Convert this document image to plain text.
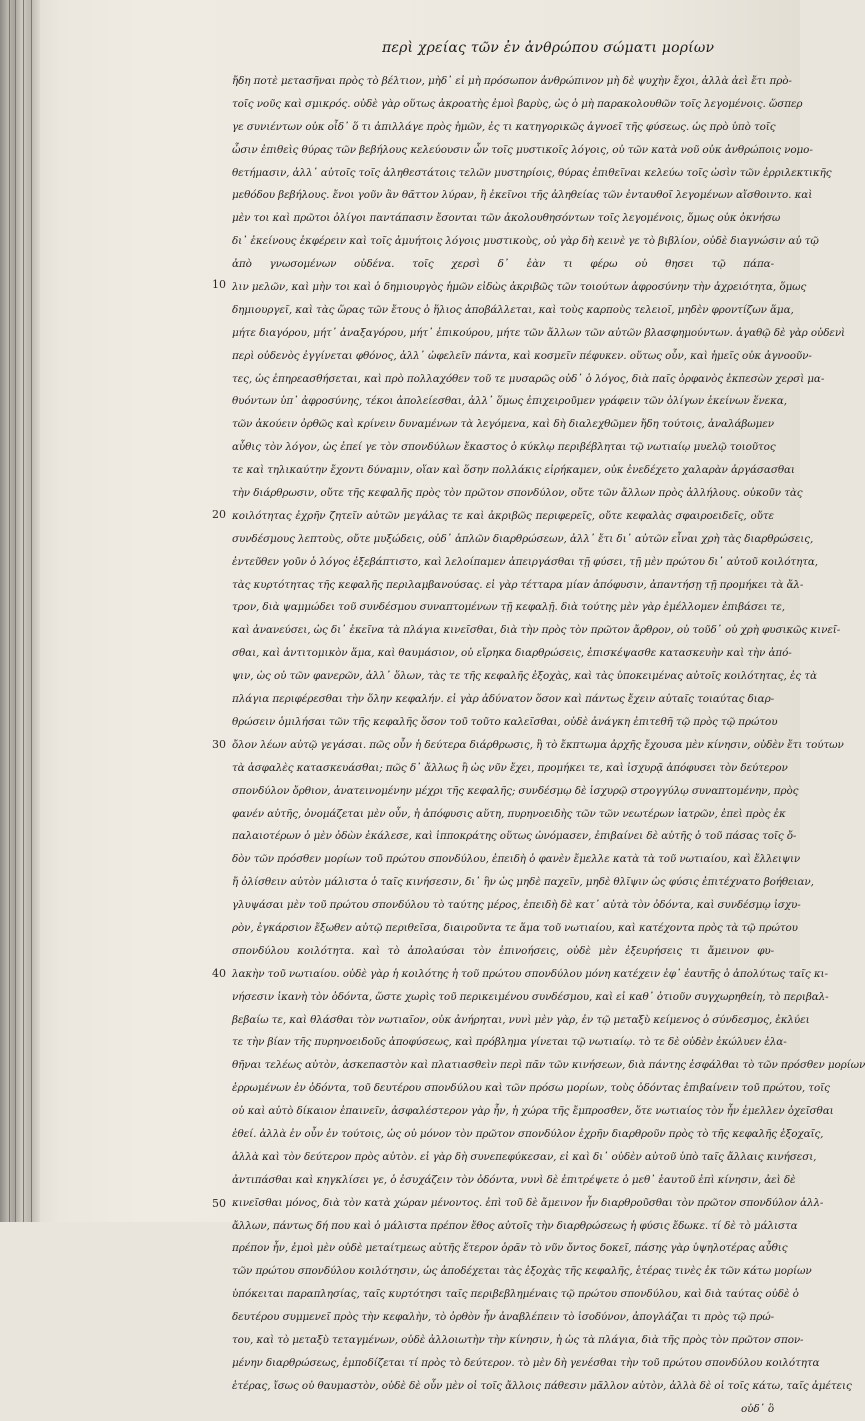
περὶ χρείας τῶν ἐν ἀνθρώπου σώματι μορίων
ἤδη ποτὲ μετασῆναι πρὸς τὸ βέλτιον, μὴδ᾽ εἰ μὴ πρόσωπον ἀνθρώπινον μὴ δὲ ψυχὴν ἔχοι, ἀλλὰ ἀεὶ ἔτι πρὸ-
τοῖς νοῦς καὶ σμικρός. οὐδὲ γὰρ οὕτως ἀκροατὴς ἐμοὶ βαρὺς, ὡς ὁ μὴ παρακολουθῶν τοῖς λεγομένοις. ὥσπερ
γε συνιέντων οὐκ οἶδ᾽ ὅ τι ἀπιλλάγε πρὸς ἡμῶν, ἐς τι κατηγορικῶς ἀγνοεῖ τῆς φύσεως. ὡς πρὸ ὑπὸ τοῖς
ὦσιν ἐπιθεὶς θύρας τῶν βεβήλους κελεύουσιν ὧν τοῖς μυστικοῖς λόγοις, οὐ τῶν κατὰ νοῦ οὐκ ἀνθρώποις νομο-
θετήμασιν, ἀλλ᾽ αὐτοῖς τοῖς ἀληθεστάτοις τελῶν μυστηρίοις, θύρας ἐπιθεῖναι κελεύω τοῖς ὠσὶν τῶν ἐρριλεκτικῆς
μεθόδου βεβήλους. ἔνοι γοῦν ἂν θᾶττον λύραν, ἢ ἐκεῖνοι τῆς ἀληθείας τῶν ἐνταυθοῖ λεγομένων αἴσθοιντο. καὶ
μὲν τοι καὶ πρῶτοι ὀλίγοι παντάπασιν ἔσονται τῶν ἀκολουθησόντων τοῖς λεγομένοις, ὅμως οὐκ ὀκνήσω
δι᾽ ἐκείνους ἐκφέρειν καὶ τοῖς ἀμυήτοις λόγοις μυστικοὺς, οὐ γὰρ δὴ κεινὲ γε τὸ βιβλίον, οὐδὲ διαγνώσιν αὐ τῷ
ἀπὸ γνωσομένων οὐδένα. τοῖς χερσὶ δ᾽ ἐὰν τι φέρω οὐ θησει τῷ πάπα-
λιν μελῶν, καὶ μὴν τοι καὶ ὁ δημιουργὸς ἡμῶν εἰδὼς ἀκριβῶς τῶν τοιούτων ἀφροσύνην τὴν ἀχρειότητα, ὅμως
δημιουργεῖ, καὶ τὰς ὥρας τῶν ἔτους ὁ ἥλιος ἀποβάλλεται, καὶ τοὺς καρποὺς τελειοῖ, μηδὲν φροντίζων ἅμα,
μήτε διαγόρου, μήτ᾽ ἀναξαγόρου, μήτ᾽ ἐπικούρου, μήτε τῶν ἄλλων τῶν αὐτῶν βλασφημούντων. ἀγαθῷ δὲ γὰρ οὐδενὶ
περὶ οὐδενὸς ἐγγίνεται φθόνος, ἀλλ᾽ ὠφελεῖν πάντα, καὶ κοσμεῖν πέφυκεν. οὕτως οὖν, καὶ ἡμεῖς οὐκ ἀγνοοῦν-
τες, ὡς ἐπηρεασθήσεται, καὶ πρὸ πολλαχόθεν τοῦ τε μυσαρῶς οὐδ᾽ ὁ λόγος, διὰ παῖς ὀρφανὸς ἐκπεσὼν χερσὶ μα-
θυόντων ὑπ᾽ ἀφροσύνης, τέκοι ἀπολείεσθαι, ἀλλ᾽ ὅμως ἐπιχειροῦμεν γράφειν τῶν ὀλίγων ἐκείνων ἕνεκα,
τῶν ἀκούειν ὀρθῶς καὶ κρίνειν δυναμένων τὰ λεγόμενα, καὶ δὴ διαλεχθῶμεν ἤδη τούτοις, ἀναλάβωμεν
αὖθις τὸν λόγον, ὡς ἐπεί γε τὸν σπονδύλων ἔκαστος ὁ κύκλῳ περιβέβληται τῷ νωτιαίῳ μυελῷ τοιοῦτος
τε καὶ τηλικαύτην ἔχοντι δύναμιν, οἵαν καὶ ὅσην πολλάκις εἰρήκαμεν, οὐκ ἐνεδέχετο χαλαρὰν ἀργάσασθαι
τὴν διάρθρωσιν, οὔτε τῆς κεφαλῆς πρὸς τὸν πρῶτον σπονδύλον, οὔτε τῶν ἄλλων πρὸς ἀλλήλους. οὐκοῦν τὰς
κοιλότητας ἐχρῆν ζητεῖν αὐτῶν μεγάλας τε καὶ ἀκριβῶς περιφερεῖς, οὔτε κεφαλὰς σφαιροειδεῖς, οὔτε
συνδέσμους λεπτοὺς, οὔτε μυξώδεις, οὐδ᾽ ἁπλῶν διαρθρώσεων, ἀλλ᾽ ἔτι δι᾽ αὐτῶν εἶναι χρὴ τὰς διαρθρώσεις,
ἐντεῦθεν γοῦν ὁ λόγος ἐξεβάπτιστο, καὶ λελοίπαμεν ἀπειργάσθαι τῇ φύσει, τῇ μὲν πρώτου δι᾽ αὐτοῦ κοιλότητα,
τὰς κυρτότητας τῆς κεφαλῆς περιλαμβανούσας. εἰ γὰρ τέτταρα μίαν ἀπόφυσιν, ἀπαντήσῃ τῇ προμήκει τὰ ἄλ-
τρον, διὰ ψαμμώδει τοῦ συνδέσμου συναπτομένων τῇ κεφαλῇ. διὰ τούτης μὲν γὰρ ἐμέλλομεν ἐπιβάσει τε,
καὶ ἀνανεύσει, ὡς δι᾽ ἐκεῖνα τὰ πλάγια κινεῖσθαι, διὰ τὴν πρὸς τὸν πρῶτον ἄρθρον, οὐ τοῦδ᾽ οὐ χρὴ φυσικῶς κινεῖ-
σθαι, καὶ ἀντιτομικὸν ἅμα, καὶ θαυμάσιον, οὐ εἴρηκα διαρθρώσεις, ἐπισκέψασθε κατασκευὴν καὶ τὴν ἀπό-
ψιν, ὡς οὐ τῶν φανερῶν, ἀλλ᾽ ὅλων, τὰς τε τῆς κεφαλῆς ἐξοχὰς, καὶ τὰς ὑποκειμένας αὐτοῖς κοιλότητας, ἐς τὰ
πλάγια περιφέρεσθαι τὴν ὅλην κεφαλήν. εἰ γὰρ ἀδύνατον ὅσον καὶ πάντως ἔχειν αὐταῖς τοιαύτας διαρ-
θρώσειν ὁμιλήσαι τῶν τῆς κεφαλῆς ὅσον τοῦ τοῦτο καλεῖσθαι, οὐδὲ ἀνάγκη ἐπιτεθῆ τῷ πρὸς τῷ πρώτου
ὄλον λέων αὐτῷ γεγάσαι. πῶς οὖν ἡ δεύτερα διάρθρωσις, ἢ τὸ ἔκπτωμα ἀρχῆς ἔχουσα μὲν κίνησιν, οὐδὲν ἔτι τούτων
τὰ ἀσφαλὲς κατασκευάσθαι; πῶς δ᾽ ἄλλως ἢ ὡς νῦν ἔχει, προμήκει τε, καὶ ἰσχυρᾷ ἀπόφυσει τὸν δεύτερον
σπονδύλον ὄρθιον, ἀνατεινομένην μέχρι τῆς κεφαλῆς; συνδέσμῳ δὲ ἰσχυρῷ στρογγύλῳ συναπτομένην, πρὸς
φανέν αὐτῆς, ὀνομάζεται μὲν οὖν, ἡ ἀπόφυσις αὕτη, πυρηνοειδὴς τῶν τῶν νεωτέρων ἰατρῶν, ἐπεὶ πρὸς ἐκ
παλαιοτέρων ὁ μὲν ὀδὼν ἐκάλεσε, καὶ ἱπποκράτης οὕτως ὠνόμασεν, ἐπιβαίνει δὲ αὐτῆς ὁ τοῦ πάσας τοῖς ὄ-
δὸν τῶν πρόσθεν μορίων τοῦ πρώτου σπονδύλου, ἐπειδὴ ὁ φανὲν ἔμελλε κατὰ τὰ τοῦ νωτιαίου, καὶ ἔλλειψιν
ἤ ὀλίσθειν αὐτὸν μάλιστα ὁ ταῖς κινήσεσιν, δι᾽ ἣν ὡς μηδὲ παχεῖν, μηδὲ θλῖψιν ὡς φύσις ἐπιτέχνατο βοήθειαν,
γλυψάσαι μὲν τοῦ πρώτου σπονδύλου τὸ ταύτης μέρος, ἐπειδὴ δὲ κατ᾽ αὐτὰ τὸν ὀδόντα, καὶ συνδέσμῳ ἰσχυ-
ρὸν, ἐγκάρσιον ἔξωθεν αὐτῷ περιθεῖσα, διαιροῦντα τε ἅμα τοῦ νωτιαίου, καὶ κατέχοντα πρὸς τὰ τῷ πρώτου
σπονδύλου κοιλότητα. καὶ τὸ ἀπολαύσαι τὸν ἐπινοήσεις, οὐδὲ μὲν ἐξευρήσεις τι ἄμεινον φυ-
λακὴν τοῦ νωτιαίου. οὐδὲ γὰρ ἡ κοιλότης ἡ τοῦ πρώτου σπονδύλου μόνη κατέχειν ἐφ᾽ ἑαυτῆς ὁ ἀπολύτως ταῖς κι-
νήσεσιν ἱκανὴ τὸν ὀδόντα, ὥστε χωρὶς τοῦ περικειμένου συνδέσμου, καὶ εἰ καθ᾽ ὁτιοῦν συγχωρηθείη, τὸ περιβαλ-
βεβαίω τε, καὶ θλάσθαι τὸν νωτιαῖον, οὐκ ἀνήρηται, νυνὶ μὲν γὰρ, ἐν τῷ μεταξὺ κείμενος ὁ σύνδεσμος, ἐκλύει
τε τὴν βίαν τῆς πυρηνοειδοῦς ἀποφύσεως, καὶ πρόβλημα γίνεται τῷ νωτιαίῳ. τὸ τε δὲ οὐδὲν ἐκώλυεν ἐλα-
θῆναι τελέως αὐτὸν, ἀσκεπαστὸν καὶ πλατιασθεὶν περὶ πᾶν τῶν κινήσεων, διὰ πάντης ἐσφάλθαι τὸ τῶν πρόσθεν μορίων
ἐρρωμένων ἐν ὀδόντα, τοῦ δευτέρου σπονδύλου καὶ τῶν πρόσω μορίων, τοὺς ὀδόντας ἐπιβαίνειν τοῦ πρώτου, τοῖς
οὐ καὶ αὐτὸ δίκαιον ἐπαινεῖν, ἀσφαλέστερον γὰρ ἦν, ἡ χώρα τῆς ἔμπροσθεν, ὅτε νωτιαίος τὸν ἦν ἐμελλεν ὀχεῖσθαι
ἐθεί. ἀλλὰ ἐν οὖν ἐν τούτοις, ὡς οὐ μόνον τὸν πρῶτον σπονδύλον ἐχρῆν διαρθροῦν πρὸς τὸ τῆς κεφαλῆς ἐξοχαῖς,
ἀλλὰ καὶ τὸν δεύτερον πρὸς αὐτὸν. εἰ γὰρ δὴ συνεπεφύκεσαν, εἰ καὶ δι᾽ οὐδὲν αὐτοῦ ὑπὸ ταῖς ἄλλαις κινήσεσι,
ἀντιπάσθαι καὶ κηγκλίσει γε, ὁ ἐσυχάζειν τὸν ὀδόντα, νυνὶ δὲ ἐπιτρέψετε ὁ μεθ᾽ ἑαυτοῦ ἐπὶ κίνησιν, ἀεὶ δὲ
κινεῖσθαι μόνος, διὰ τὸν κατὰ χώραν μένοντος. ἐπὶ τοῦ δὲ ἄμεινον ἦν διαρθροῦσθαι τὸν πρῶτον σπονδύλον ἀλλ-
ἄλλων, πάντως δή που καὶ ὁ μάλιστα πρέπον ἔθος αὐτοῖς τὴν διαρθρώσεως ἡ φύσις ἔδωκε. τί δὲ τὸ μάλιστα
πρέπον ἦν, ἐμοὶ μὲν οὐδὲ μεταίτμεως αὐτῆς ἕτερον ὁρᾶν τὸ νῦν ὄντος δοκεῖ, πάσης γὰρ ὑψηλοτέρας αὖθις
τῶν πρώτου σπονδύλου κοιλότησιν, ὡς ἀποδέχεται τὰς ἐξοχὰς τῆς κεφαλῆς, ἑτέρας τινὲς ἐκ τῶν κάτω μορίων
ὑπόκειται παραπλησίας, ταῖς κυρτότησι ταῖς περιβεβλημέναις τῷ πρώτου σπονδύλου, καὶ διὰ ταύτας οὐδὲ ὁ
δευτέρου συμμενεῖ πρὸς τὴν κεφαλὴν, τὸ ὀρθὸν ἦν ἀναβλέπειν τὸ ἰσοδύνον, ἀπογλάζαι τι πρὸς τῷ πρώ-
του, καὶ τὸ μεταξὺ τεταγμένων, οὐδὲ ἀλλοιωτὴν τὴν κίνησιν, ἡ ὡς τὰ πλάγια, διὰ τῆς πρὸς τὸν πρῶτον σπον-
μένην διαρθρώσεως, ἐμποδίζεται τί πρὸς τὸ δεύτερον. τὸ μὲν δὴ γενέσθαι τὴν τοῦ πρώτου σπονδύλου κοιλότητα
ἑτέρας, ἴσως οὐ θαυμαστὸν, οὐδὲ δὲ οὖν μὲν οἱ τοῖς ἄλλοις πάθεσιν μᾶλλον αὐτὸν, ἀλλὰ δὲ οἱ τοῖς κάτω, ταῖς ἀμέτεις
οὐδ᾽ ὃ
10
20
30
40
50
